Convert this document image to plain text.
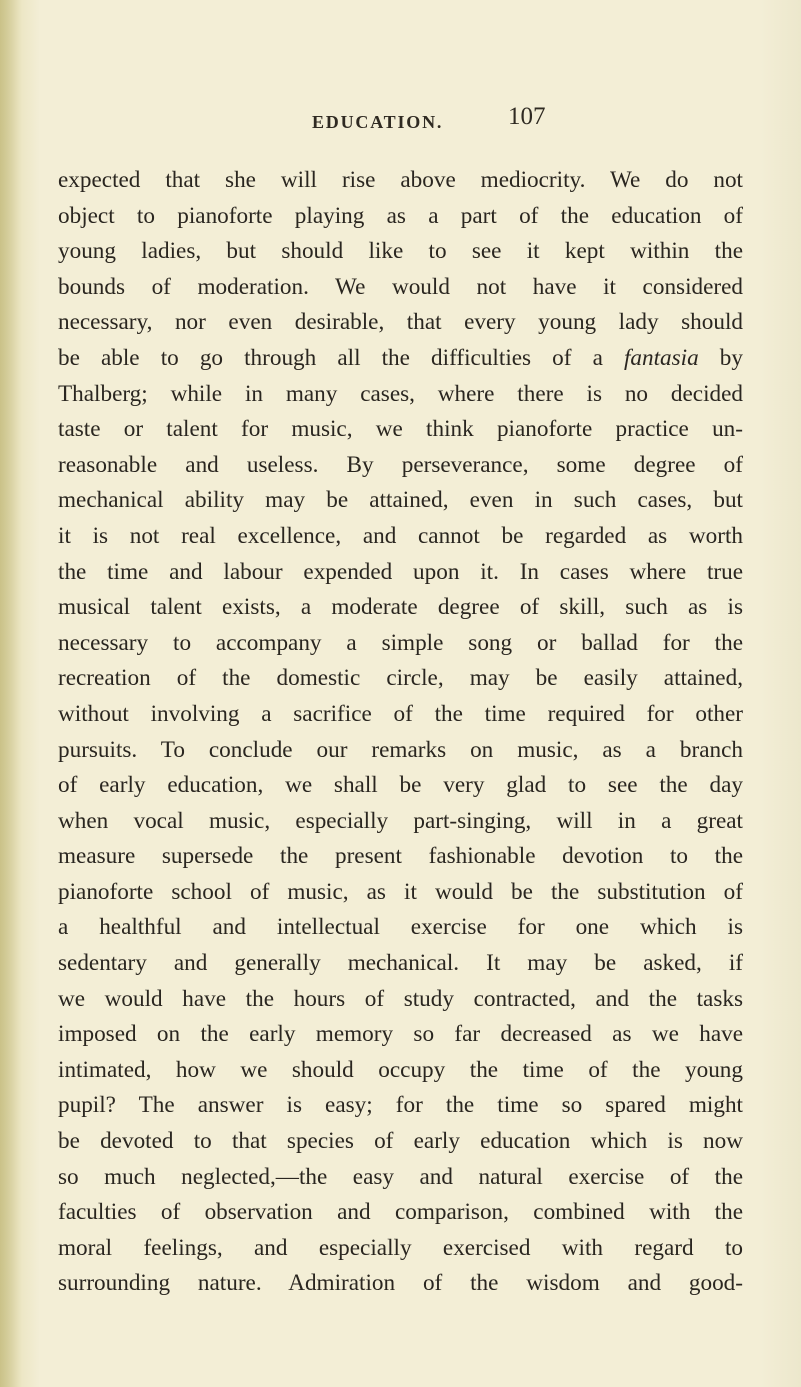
EDUCATION.	107
expected that she will rise above mediocrity. We do not
object to pianoforte playing as a part of the education of
young ladies, but should like to see it kept within the
bounds of moderation. We would not have it considered
necessary, nor even desirable, that every young lady should
be able to go through all the difficulties of a fantasia by
Thalberg; while in many cases, where there is no decided
taste or talent for music, we think pianoforte practice un-
reasonable and useless. By perseverance, some degree of
mechanical ability may be attained, even in such cases, but
it is not real excellence, and cannot be regarded as worth
the time and labour expended upon it. In cases where true
musical talent exists, a moderate degree of skill, such as is
necessary to accompany a simple song or ballad for the
recreation of the domestic circle, may be easily attained,
without involving a sacrifice of the time required for other
pursuits. To conclude our remarks on music, as a branch
of early education, we shall be very glad to see the day
when vocal music, especially part-singing, will in a great
measure supersede the present fashionable devotion to the
pianoforte school of music, as it would be the substitution of
a healthful and intellectual exercise for one which is
sedentary and generally mechanical. It may be asked, if
we would have the hours of study contracted, and the tasks
imposed on the early memory so far decreased as we have
intimated, how we should occupy the time of the young
pupil? The answer is easy; for the time so spared might
be devoted to that species of early education which is now
so much neglected,—the easy and natural exercise of the
faculties of observation and comparison, combined with the
moral feelings, and especially exercised with regard to
surrounding nature. Admiration of the wisdom and good-
